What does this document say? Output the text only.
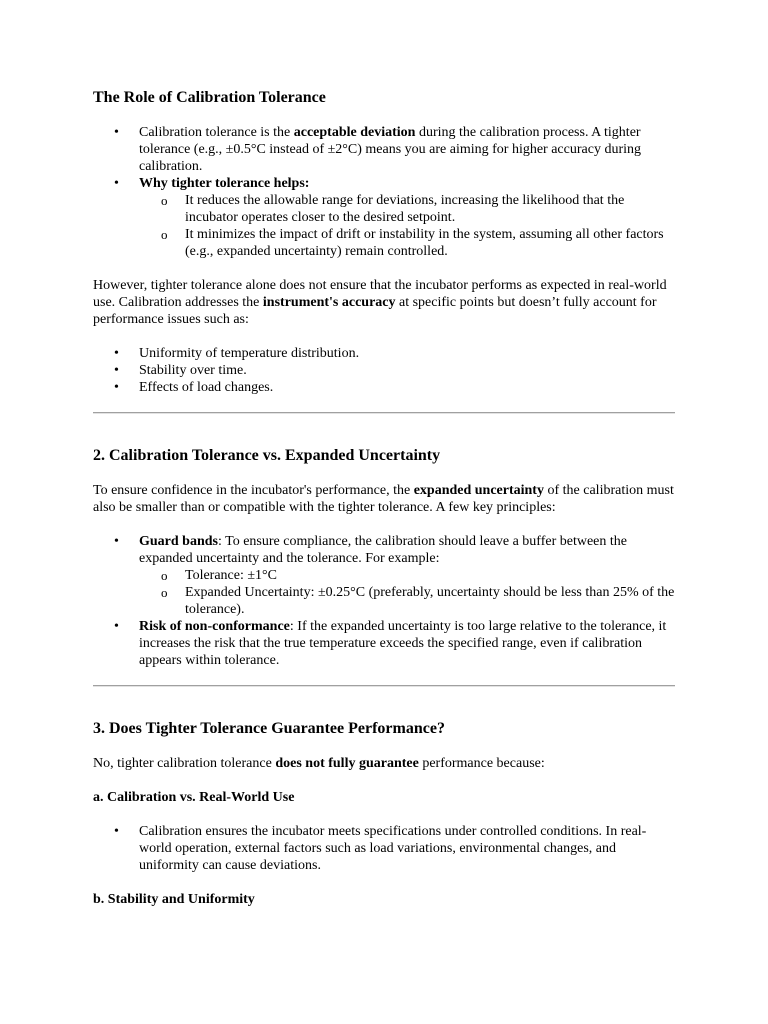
The Role of Calibration Tolerance
• Calibration tolerance is the acceptable deviation during the calibration process. A tighter tolerance (e.g., ±0.5°C instead of ±2°C) means you are aiming for higher accuracy during calibration.
• Why tighter tolerance helps:
o It reduces the allowable range for deviations, increasing the likelihood that the incubator operates closer to the desired setpoint.
o It minimizes the impact of drift or instability in the system, assuming all other factors (e.g., expanded uncertainty) remain controlled.

However, tighter tolerance alone does not ensure that the incubator performs as expected in real-world use. Calibration addresses the instrument's accuracy at specific points but doesn’t fully account for performance issues such as:

• Uniformity of temperature distribution.
• Stability over time.
• Effects of load changes.
2. Calibration Tolerance vs. Expanded Uncertainty

To ensure confidence in the incubator's performance, the expanded uncertainty of the calibration must also be smaller than or compatible with the tighter tolerance. A few key principles:

• Guard bands: To ensure compliance, the calibration should leave a buffer between the expanded uncertainty and the tolerance. For example:
o Tolerance: ±1°C
o Expanded Uncertainty: ±0.25°C (preferably, uncertainty should be less than 25% of the tolerance).
• Risk of non-conformance: If the expanded uncertainty is too large relative to the tolerance, it increases the risk that the true temperature exceeds the specified range, even if calibration appears within tolerance.
3. Does Tighter Tolerance Guarantee Performance?

No, tighter calibration tolerance does not fully guarantee performance because:

a. Calibration vs. Real-World Use
• Calibration ensures the incubator meets specifications under controlled conditions. In real-world operation, external factors such as load variations, environmental changes, and uniformity can cause deviations.
b. Stability and Uniformity
